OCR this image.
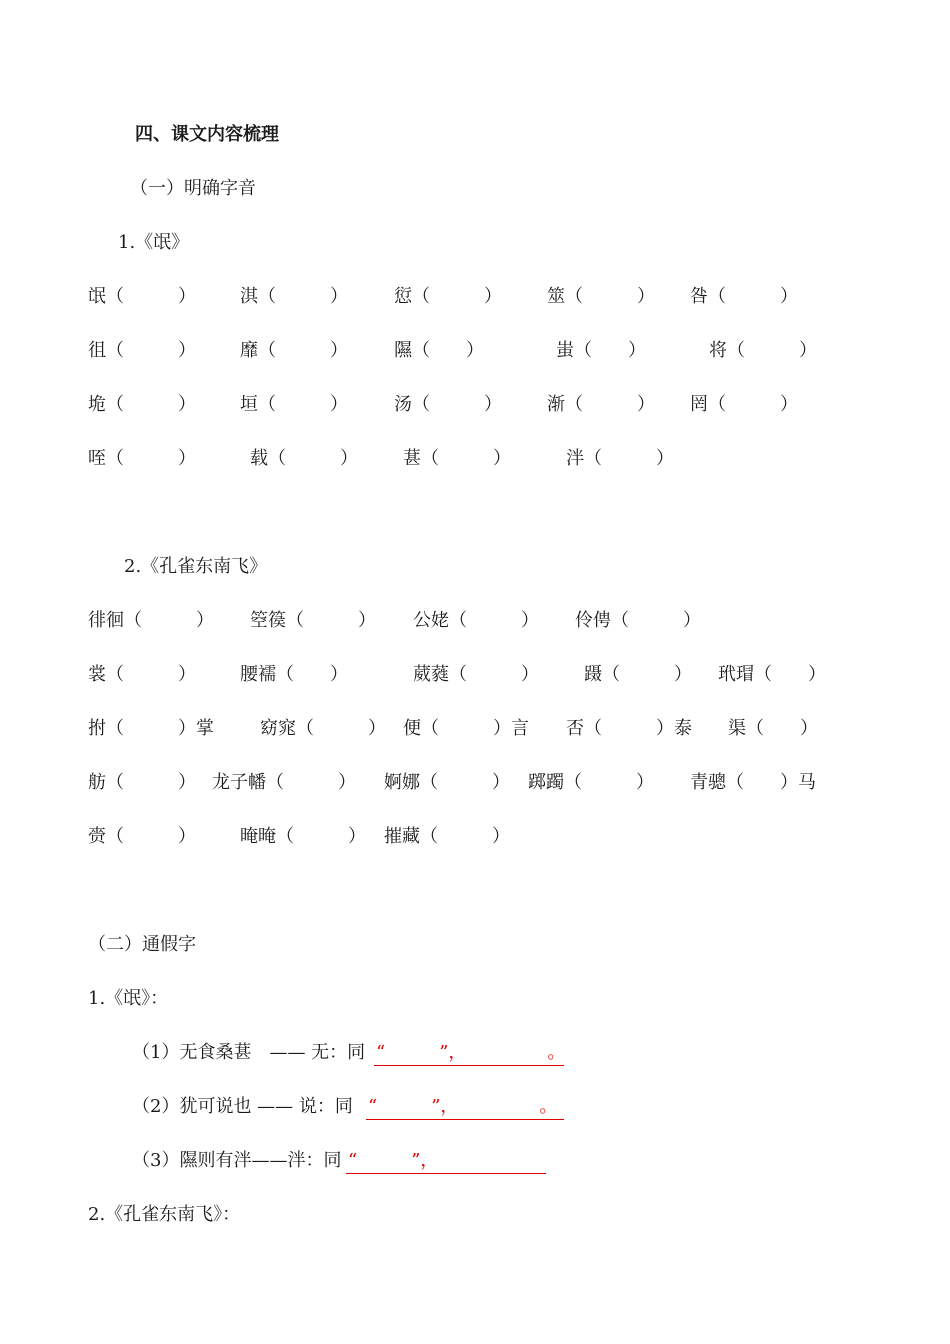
四、课文内容梳理
（一）明确字音
1.《氓》
氓（　　　） 淇（　　　）	愆（　　　）	筮（　　　） 咎（　　　）
徂（　　　） 靡（　　　）	隰（　　）	蚩（　　）	将（　　　）
垝（　　　） 垣（　　　）	汤（　　　）	渐（　　　） 罔（　　　）
咥（　　　）	载（　　　）	葚（　　　）	泮（　　　）
2.《孔雀东南飞》
徘徊（　　　） 箜篌（　　　） 公姥（　　　） 伶俜（　　　）
裳（　　　） 腰襦（　　）	葳蕤（　　　）	蹑（　　　） 玳瑁（　　）
拊（　　　）掌	窈窕（　　　） 便（　　　）言 否（　　　）泰 渠（　　）
舫（　　　） 龙子幡（　　　） 婀娜（　　　） 踯躅（　　　） 青骢（　　）马
赍（　　　） 晻晻（　　　） 摧藏（　　　）
（二）通假字
1.《氓》：
（1）无食桑葚　—— 无：同 “　　　”，　　　　　。
（2）犹可说也 —— 说：同 “　　　”，　　　　　。
（3）隰则有泮——泮：同 “　　　”，
2.《孔雀东南飞》：
